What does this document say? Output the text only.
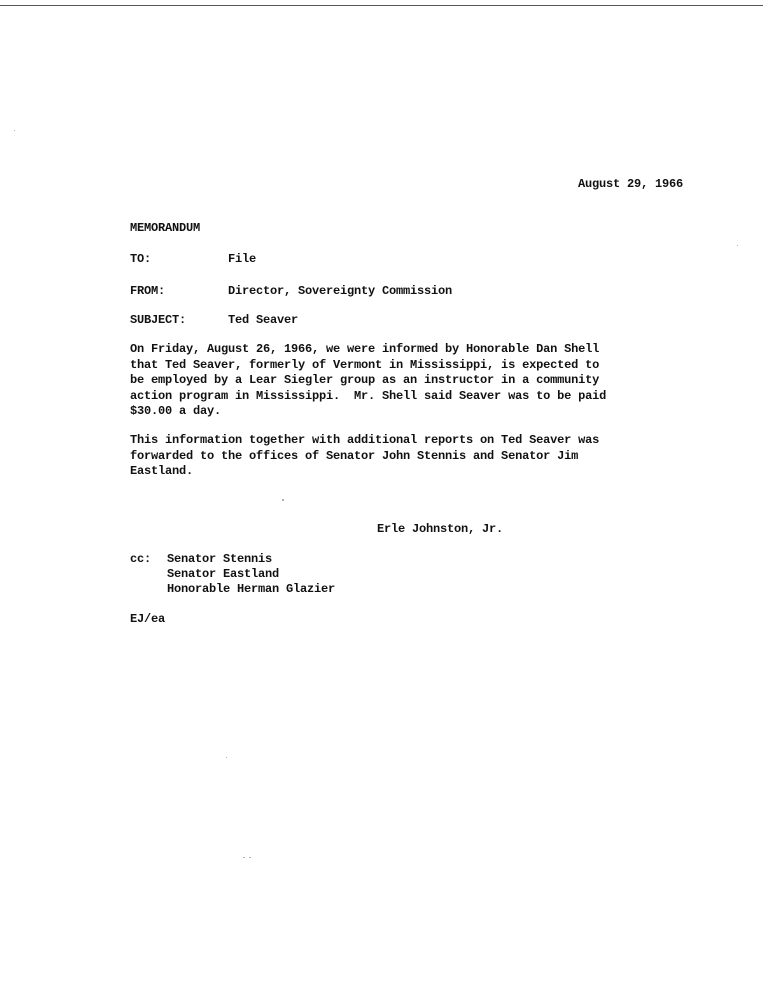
August 29, 1966
MEMORANDUM
TO:	File
FROM:	Director, Sovereignty Commission
SUBJECT:	Ted Seaver
On Friday, August 26, 1966, we were informed by Honorable Dan Shell
that Ted Seaver, formerly of Vermont in Mississippi, is expected to
be employed by a Lear Siegler group as an instructor in a community
action program in Mississippi.  Mr. Shell said Seaver was to be paid
$30.00 a day.
This information together with additional reports on Ted Seaver was
forwarded to the offices of Senator John Stennis and Senator Jim
Eastland.
Erle Johnston, Jr.
cc: Senator Stennis
Senator Eastland
Honorable Herman Glazier
EJ/ea
